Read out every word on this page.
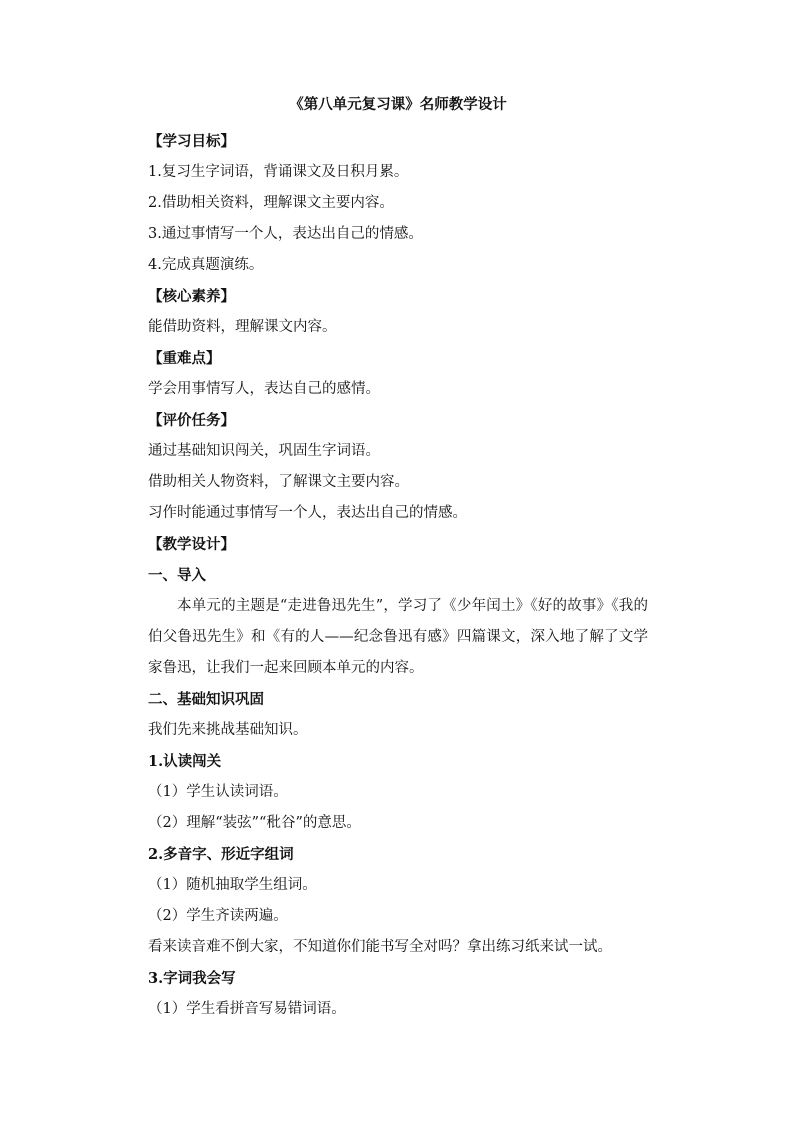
《第八单元复习课》名师教学设计
【学习目标】
1.复习生字词语，背诵课文及日积月累。
2.借助相关资料，理解课文主要内容。
3.通过事情写一个人，表达出自己的情感。
4.完成真题演练。
【核心素养】
能借助资料，理解课文内容。
【重难点】
学会用事情写人，表达自己的感情。
【评价任务】
通过基础知识闯关，巩固生字词语。
借助相关人物资料，了解课文主要内容。
习作时能通过事情写一个人，表达出自己的情感。
【教学设计】
一、导入
本单元的主题是“走进鲁迅先生”，学习了《少年闰土》《好的故事》《我的伯父鲁迅先生》和《有的人——纪念鲁迅有感》四篇课文，深入地了解了文学家鲁迅，让我们一起来回顾本单元的内容。
二、基础知识巩固
我们先来挑战基础知识。
1.认读闯关
（1）学生认读词语。
（2）理解“装弦”“秕谷”的意思。
2.多音字、形近字组词
（1）随机抽取学生组词。
（2）学生齐读两遍。
看来读音难不倒大家，不知道你们能书写全对吗？拿出练习纸来试一试。
3.字词我会写
（1）学生看拼音写易错词语。
